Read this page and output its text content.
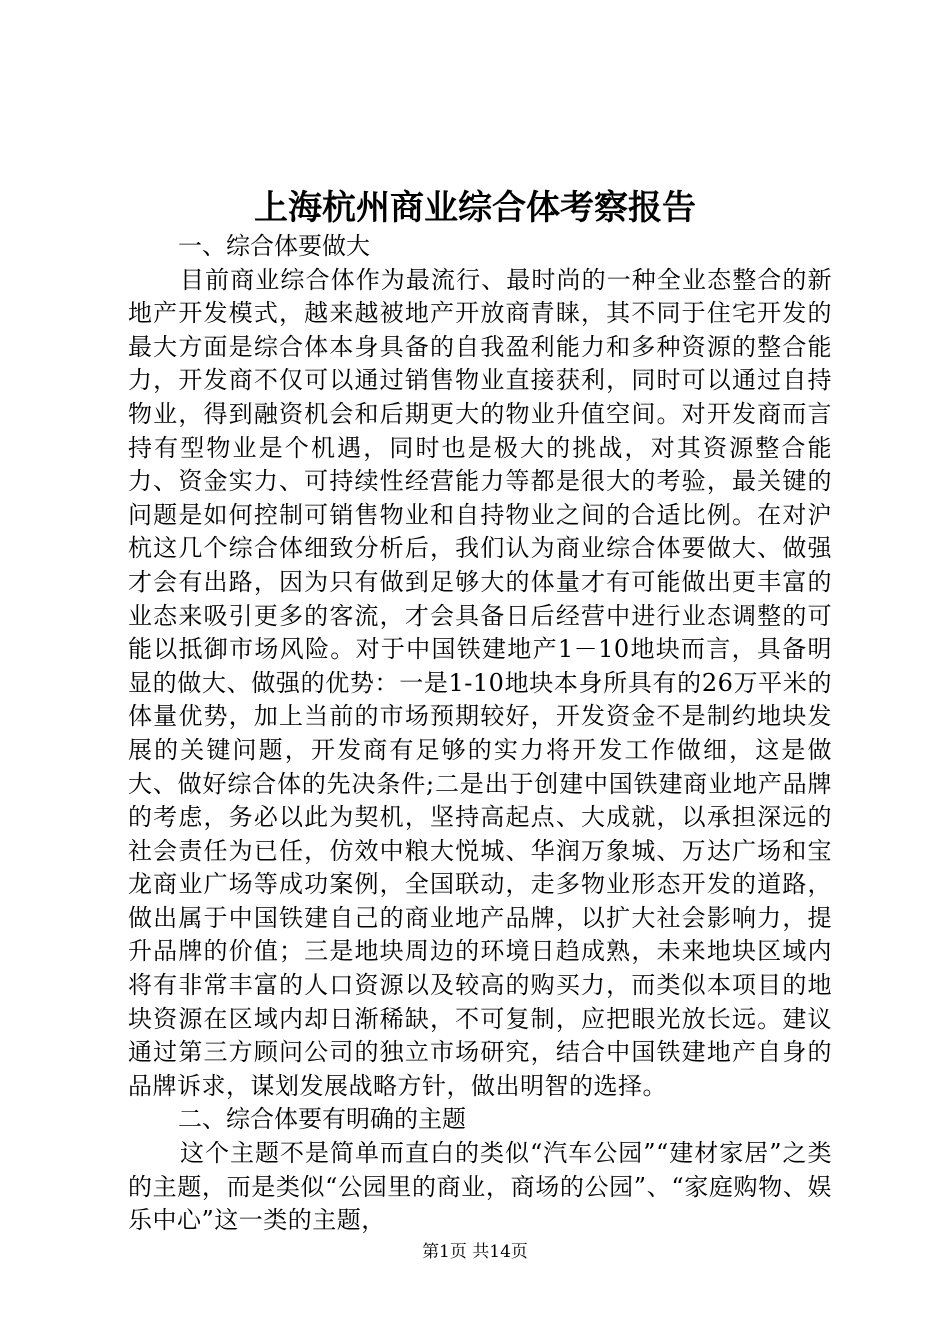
上海杭州商业综合体考察报告

一、综合体要做大

目前商业综合体作为最流行、最时尚的一种全业态整合的新地产开发模式，越来越被地产开放商青睐，其不同于住宅开发的最大方面是综合体本身具备的自我盈利能力和多种资源的整合能力，开发商不仅可以通过销售物业直接获利，同时可以通过自持物业，得到融资机会和后期更大的物业升值空间。对开发商而言持有型物业是个机遇，同时也是极大的挑战，对其资源整合能力、资金实力、可持续性经营能力等都是很大的考验，最关键的问题是如何控制可销售物业和自持物业之间的合适比例。在对沪杭这几个综合体细致分析后，我们认为商业综合体要做大、做强才会有出路，因为只有做到足够大的体量才有可能做出更丰富的业态来吸引更多的客流，才会具备日后经营中进行业态调整的可能以抵御市场风险。对于中国铁建地产1－10地块而言，具备明显的做大、做强的优势：一是1-10地块本身所具有的26万平米的体量优势，加上当前的市场预期较好，开发资金不是制约地块发展的关键问题，开发商有足够的实力将开发工作做细，这是做大、做好综合体的先决条件;二是出于创建中国铁建商业地产品牌的考虑，务必以此为契机，坚持高起点、大成就，以承担深远的社会责任为已任，仿效中粮大悦城、华润万象城、万达广场和宝龙商业广场等成功案例，全国联动，走多物业形态开发的道路，做出属于中国铁建自己的商业地产品牌，以扩大社会影响力，提升品牌的价值；三是地块周边的环境日趋成熟，未来地块区域内将有非常丰富的人口资源以及较高的购买力，而类似本项目的地块资源在区域内却日渐稀缺，不可复制，应把眼光放长远。建议通过第三方顾问公司的独立市场研究，结合中国铁建地产自身的品牌诉求，谋划发展战略方针，做出明智的选择。

二、综合体要有明确的主题

这个主题不是简单而直白的类似“汽车公园”“建材家居”之类的主题，而是类似“公园里的商业，商场的公园”、“家庭购物、娱乐中心”这一类的主题，

第1页 共14页
